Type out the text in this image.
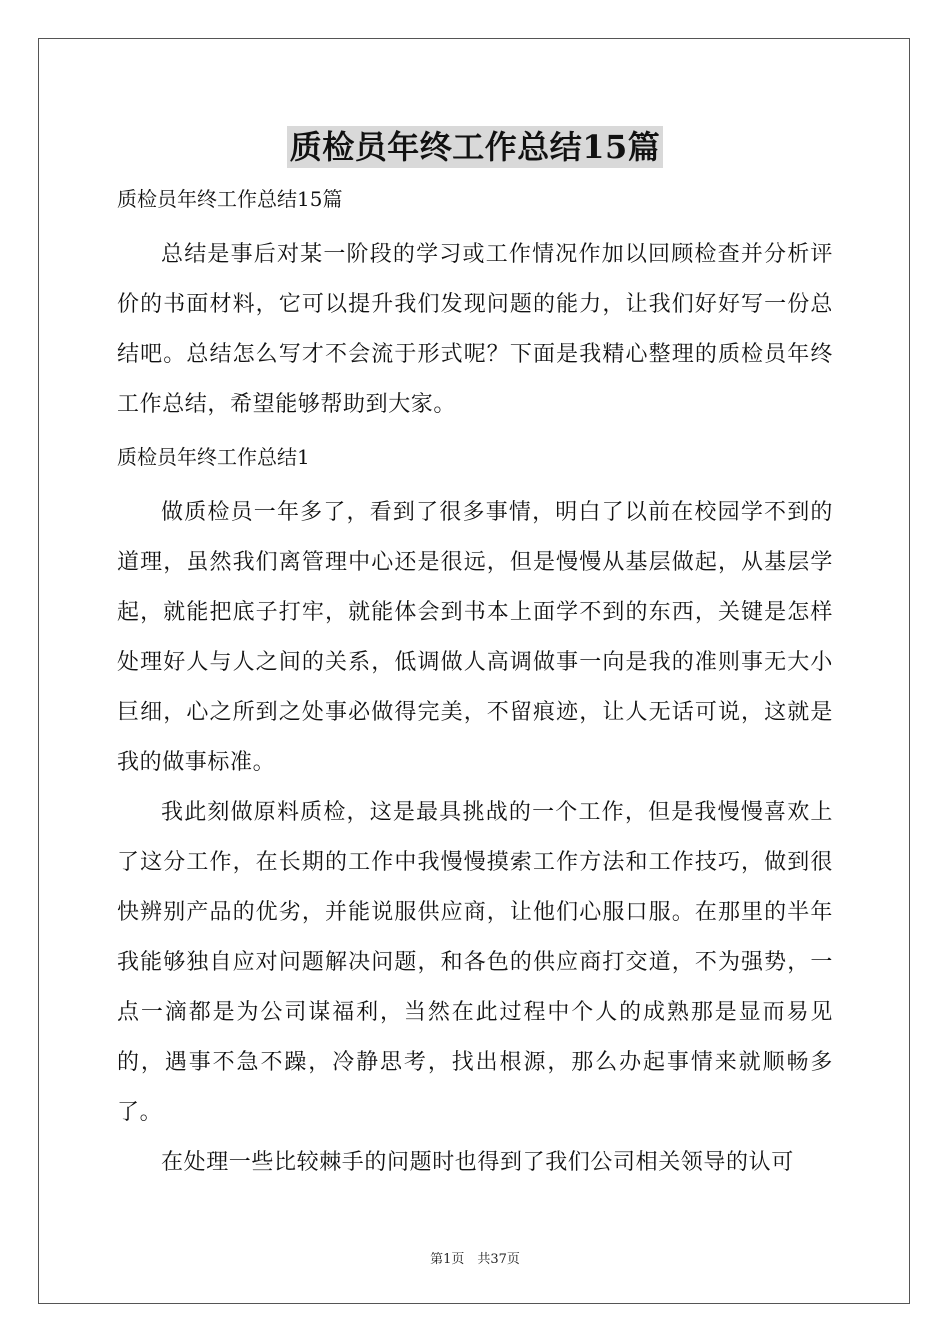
质检员年终工作总结15篇

质检员年终工作总结15篇

总结是事后对某一阶段的学习或工作情况作加以回顾检查并分析评价的书面材料，它可以提升我们发现问题的能力，让我们好好写一份总结吧。总结怎么写才不会流于形式呢？下面是我精心整理的质检员年终工作总结，希望能够帮助到大家。

质检员年终工作总结1

做质检员一年多了，看到了很多事情，明白了以前在校园学不到的道理，虽然我们离管理中心还是很远，但是慢慢从基层做起，从基层学起，就能把底子打牢，就能体会到书本上面学不到的东西，关键是怎样处理好人与人之间的关系，低调做人高调做事一向是我的准则事无大小巨细，心之所到之处事必做得完美，不留痕迹，让人无话可说，这就是我的做事标准。

我此刻做原料质检，这是最具挑战的一个工作，但是我慢慢喜欢上了这分工作，在长期的工作中我慢慢摸索工作方法和工作技巧，做到很快辨别产品的优劣，并能说服供应商，让他们心服口服。在那里的半年我能够独自应对问题解决问题，和各色的供应商打交道，不为强势，一点一滴都是为公司谋福利，当然在此过程中个人的成熟那是显而易见的，遇事不急不躁，冷静思考，找出根源，那么办起事情来就顺畅多了。

在处理一些比较棘手的问题时也得到了我们公司相关领导的认可

第1页　共37页
